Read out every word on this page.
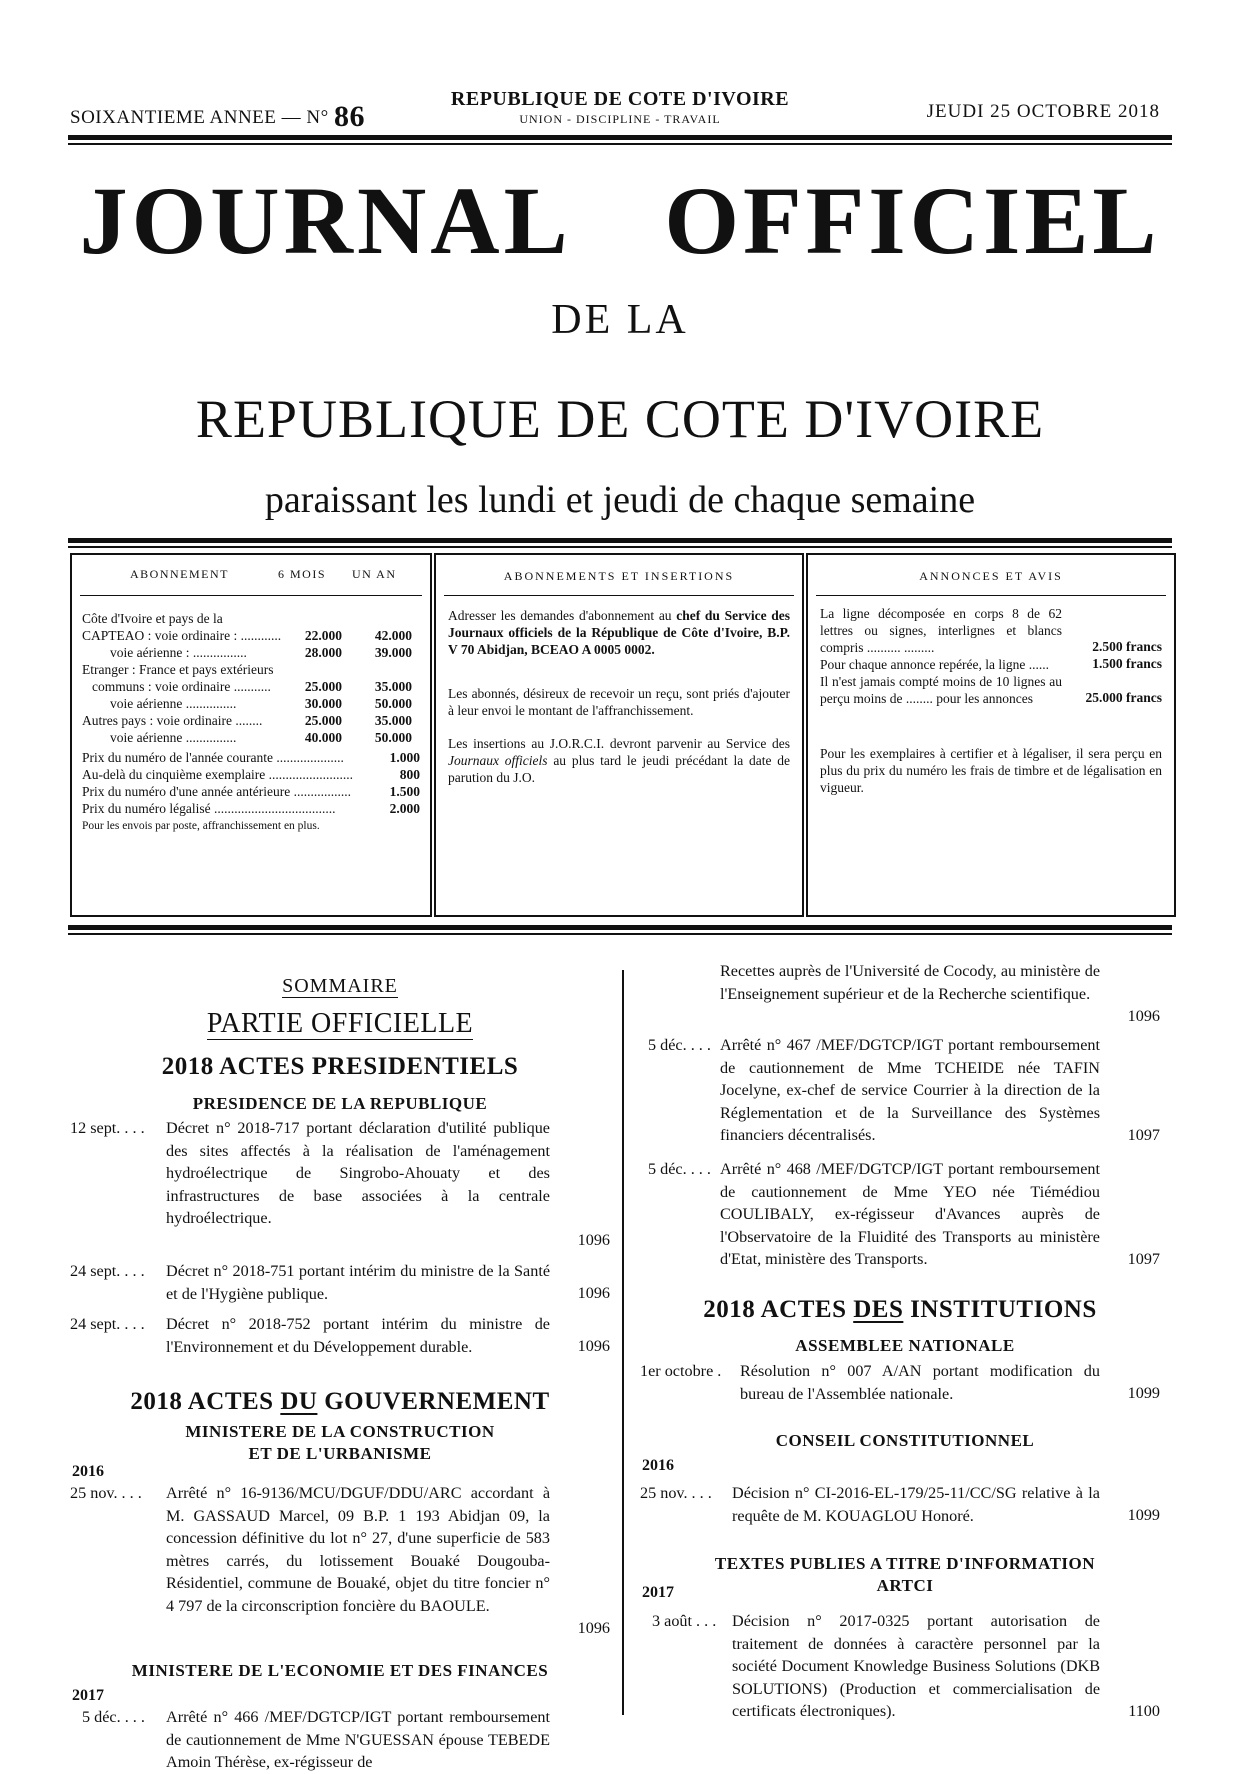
SOIXANTIEME ANNEE — N° 86
REPUBLIQUE DE COTE D'IVOIRE
UNION - DISCIPLINE - TRAVAIL	JEUDI 25 OCTOBRE 2018
JOURNAL OFFICIEL
DE LA
REPUBLIQUE DE COTE D'IVOIRE
paraissant les lundi et jeudi de chaque semaine
ABONNEMENT	6 MOIS UN AN
Côte d'Ivoire et pays de la
CAPTEAO : voie ordinaire : ............	22.000	42.000
voie aérienne : ................	28.000	39.000
Etranger : France et pays extérieurs
communs : voie ordinaire ...........	25.000	35.000
voie aérienne ...............	30.000	50.000
Autres pays : voie ordinaire ........	25.000	35.000
voie aérienne ...............	40.000	50.000
Prix du numéro de l'année courante ....................	1.000
Au-delà du cinquième exemplaire .........................	800
Prix du numéro d'une année antérieure .................	1.500
Prix du numéro légalisé ....................................	2.000
Pour les envois par poste, affranchissement en plus.
ABONNEMENTS ET INSERTIONS
Adresser les demandes d'abonnement au chef du Service des Journaux officiels de la République de Côte d'Ivoire, B.P. V 70 Abidjan, BCEAO A 0005 0002.
Les abonnés, désireux de recevoir un reçu, sont priés d'ajouter à leur envoi le montant de l'affranchissement.
Les insertions au J.O.R.C.I. devront parvenir au Service des Journaux officiels au plus tard le jeudi précédant la date de parution du J.O.
ANNONCES ET AVIS
La ligne décomposée en corps 8 de 62 lettres ou signes, interlignes et blancs compris .......... .........	2.500 francs
Pour chaque annonce repérée, la ligne ......	1.500 francs
Il n'est jamais compté moins de 10 lignes au perçu moins de ........ pour les annonces	25.000 francs
Pour les exemplaires à certifier et à légaliser, il sera perçu en plus du prix du numéro les frais de timbre et de légalisation en vigueur.
SOMMAIRE
PARTIE OFFICIELLE
2018 ACTES PRESIDENTIELS
PRESIDENCE DE LA REPUBLIQUE
12 sept. . . . Décret n° 2018-717 portant déclaration d'utilité publique des sites affectés à la réalisation de l'aménagement hydroélectrique de Singrobo-Ahouaty et des infrastructures de base associées à la centrale hydroélectrique.
1096
24 sept. . . . Décret n° 2018-751 portant intérim du ministre de la Santé et de l'Hygiène publique.	1096
24 sept. . . . Décret n° 2018-752 portant intérim du ministre de l'Environnement et du Développement durable.	1096
2018 ACTES DU GOUVERNEMENT
MINISTERE DE LA CONSTRUCTION
ET DE L'URBANISME
2016
25 nov. . . . Arrêté n° 16-9136/MCU/DGUF/DDU/ARC accordant à M. GASSAUD Marcel, 09 B.P. 1 193 Abidjan 09, la concession définitive du lot n° 27, d'une superficie de 583 mètres carrés, du lotissement Bouaké Dougouba-Résidentiel, commune de Bouaké, objet du titre foncier n° 4 797 de la circonscription foncière du BAOULE.
1096
MINISTERE DE L'ECONOMIE ET DES FINANCES
2017
5 déc. . . . Arrêté n° 466 /MEF/DGTCP/IGT portant remboursement de cautionnement de Mme N'GUESSAN épouse TEBEDE Amoin Thérèse, ex-régisseur de
Recettes auprès de l'Université de Cocody, au ministère de l'Enseignement supérieur et de la Recherche scientifique.
1096
5 déc. . . . Arrêté n° 467 /MEF/DGTCP/IGT portant remboursement de cautionnement de Mme TCHEIDE née TAFIN Jocelyne, ex-chef de service Courrier à la direction de la Réglementation et de la Surveillance des Systèmes financiers décentralisés.	1097
5 déc. . . . Arrêté n° 468 /MEF/DGTCP/IGT portant remboursement de cautionnement de Mme YEO née Tiémédiou COULIBALY, ex-régisseur d'Avances auprès de l'Observatoire de la Fluidité des Transports au ministère d'Etat, ministère des Transports.	1097
2018 ACTES DES INSTITUTIONS
ASSEMBLEE NATIONALE
1er octobre . Résolution n° 007 A/AN portant modification du bureau de l'Assemblée nationale.	1099
CONSEIL CONSTITUTIONNEL
2016
25 nov. . . . Décision n° CI-2016-EL-179/25-11/CC/SG relative à la requête de M. KOUAGLOU Honoré.	1099
TEXTES PUBLIES A TITRE D'INFORMATION
ARTCI
2017
3 août . . . Décision n° 2017-0325 portant autorisation de traitement de données à caractère personnel par la société Document Knowledge Business Solutions (DKB SOLUTIONS) (Production et commercialisation de certificats électroniques).	1100
